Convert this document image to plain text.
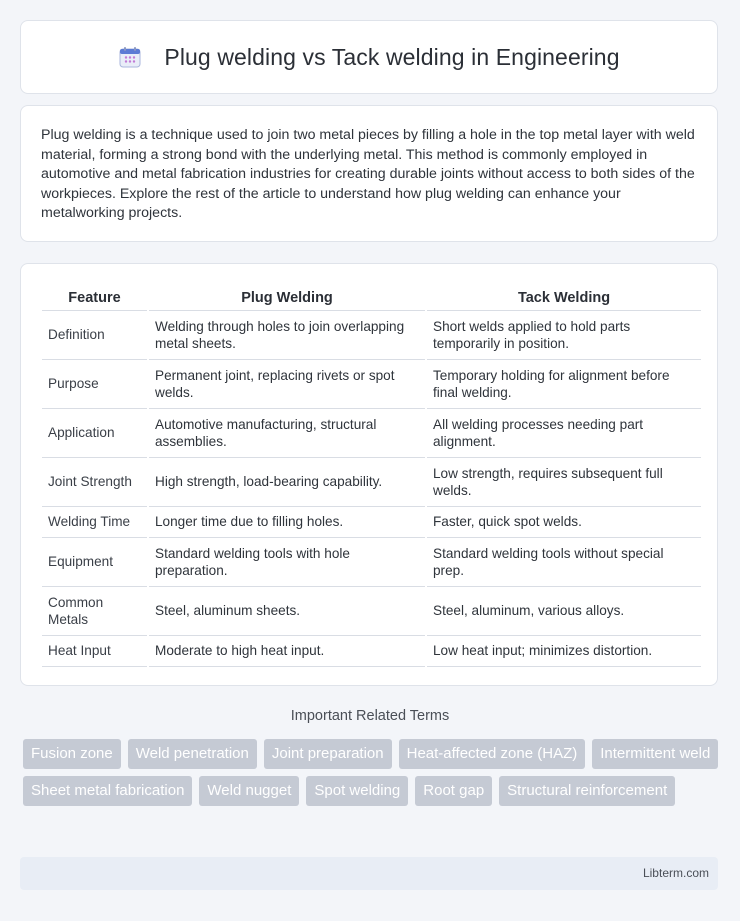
Plug welding vs Tack welding in Engineering

Plug welding is a technique used to join two metal pieces by filling a hole in the top metal layer with weld material, forming a strong bond with the underlying metal. This method is commonly employed in automotive and metal fabrication industries for creating durable joints without access to both sides of the workpieces. Explore the rest of the article to understand how plug welding can enhance your metalworking projects.

Feature	Plug Welding	Tack Welding
Definition	Welding through holes to join overlapping metal sheets.	Short welds applied to hold parts temporarily in position.
Purpose	Permanent joint, replacing rivets or spot welds.	Temporary holding for alignment before final welding.
Application	Automotive manufacturing, structural assemblies.	All welding processes needing part alignment.
Joint Strength	High strength, load-bearing capability.	Low strength, requires subsequent full welds.
Welding Time	Longer time due to filling holes.	Faster, quick spot welds.
Equipment	Standard welding tools with hole preparation.	Standard welding tools without special prep.
Common Metals	Steel, aluminum sheets.	Steel, aluminum, various alloys.
Heat Input	Moderate to high heat input.	Low heat input; minimizes distortion.
Important Related Terms
Fusion zone	Weld penetration	Joint preparation	Heat-affected zone (HAZ)	Intermittent weld
Sheet metal fabrication	Weld nugget	Spot welding	Root gap	Structural reinforcement
Libterm.com
